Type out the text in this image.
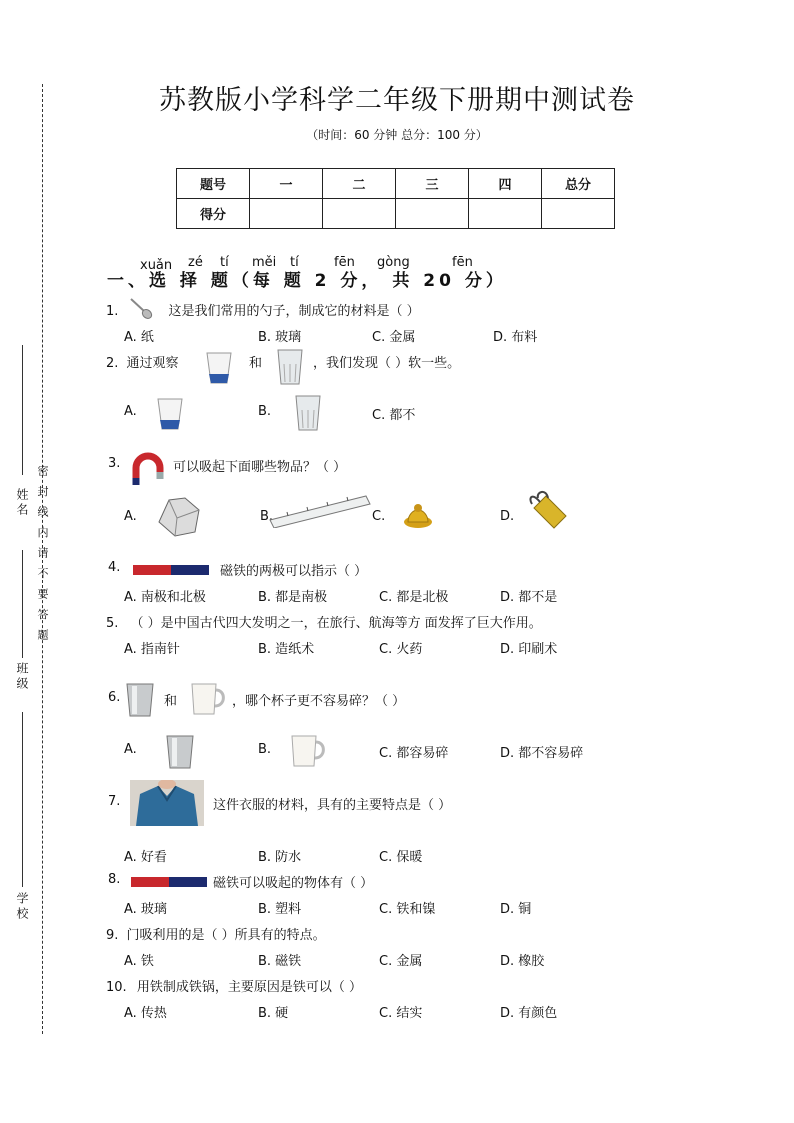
姓名 密 封 线 内 请 不 要 答 题
班级
学校
苏教版小学科学二年级下册期中测试卷
（时间：60 分钟 总分：100 分）
题号	一	二	三	四	总分
得分					
xuǎn zé tí měi tí	fēn gòng	fēn
一、选 择 题（每 题 2 分， 共 20 分）
1.	这是我们常用的勺子，制成它的材料是（ ）
A. 纸	B. 玻璃	C. 金属	D. 布料
2. 通过观察	和	，我们发现（ ）软一些。
A.	B.	C. 都不
3.	可以吸起下面哪些物品？（ ）
A.	B.	C.	D.
4.	磁铁的两极可以指示（ ）
A. 南极和北极	B. 都是南极	C. 都是北极	D. 都不是
5. （ ）是中国古代四大发明之一，在旅行、航海等方 面发挥了巨大作用。
A. 指南针	B. 造纸术	C. 火药	D. 印刷术
6.	和	，哪个杯子更不容易碎？（ ）
A.	B.	C. 都容易碎	D. 都不容易碎
7.	这件衣服的材料，具有的主要特点是（ ）
A. 好看	B. 防水	C. 保暖
8.	磁铁可以吸起的物体有（ ）
A. 玻璃	B. 塑料	C. 铁和镍	D. 铜
9. 门吸利用的是（ ）所具有的特点。
A. 铁	B. 磁铁	C. 金属	D. 橡胶
10. 用铁制成铁锅，主要原因是铁可以（ ）
A. 传热	B. 硬	C. 结实	D. 有颜色
